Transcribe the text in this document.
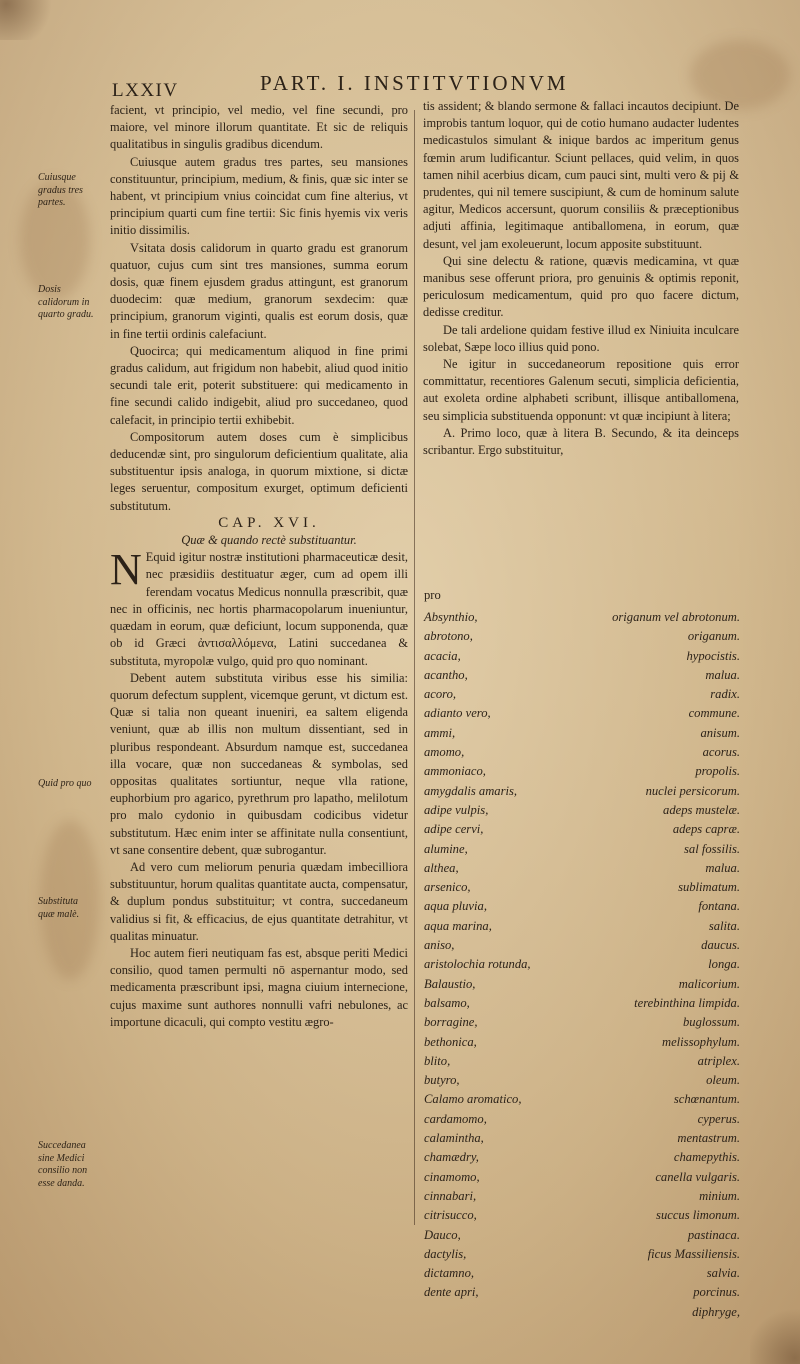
LXXIV	PART. I. INSTITVTIONVM
Cuiusque gradus tres partes.
Dosis calidorum in quarto gradu.
Quid pro quo
Substituta quæ malè.
Succedanea sine Medici consilio non esse danda.

facient, vt principio, vel medio, vel fine secundi, pro maiore, vel minore illorum quantitate. Et sic de reliquis qualitatibus in singulis gradibus dicendum.

Cuiusque autem gradus tres partes, seu mansiones constituuntur, principium, medium, & finis, quæ sic inter se habent, vt principium vnius coincidat cum fine alterius, vt principium quarti cum fine tertii: Sic finis hyemis vix veris initio dissimilis.

Vsitata dosis calidorum in quarto gradu est granorum quatuor, cujus cum sint tres mansiones, summa eorum dosis, quæ finem ejusdem gradus attingunt, est granorum duodecim: quæ medium, granorum sexdecim: quæ principium, granorum viginti, qualis est eorum dosis, quæ in fine tertii ordinis calefaciunt.

Quocirca; qui medicamentum aliquod in fine primi gradus calidum, aut frigidum non habebit, aliud quod initio secundi tale erit, poterit substituere: qui medicamento in fine secundi calido indigebit, aliud pro succedaneo, quod calefacit, in principio tertii exhibebit.

Compositorum autem doses cum è simplicibus deducendæ sint, pro singulorum deficientium qualitate, alia substituentur ipsis analoga, in quorum mixtione, si dictæ leges seruentur, compositum exurget, optimum deficienti substitutum.

CAP. XVI.

Quæ & quando rectè substituantur.

N Equid igitur nostræ institutioni pharmaceuticæ desit, nec præsidiis destituatur æger, cum ad opem illi ferendam vocatus Medicus nonnulla præscribit, quæ nec in officinis, nec hortis pharmacopolarum inueniuntur, quædam in eorum, quæ deficiunt, locum supponenda, quæ ob id Græci ἀντισαλλόμενα, Latini succedanea & substituta, myropolæ vulgo, quid pro quo nominant.

Debent autem substituta viribus esse his similia: quorum defectum supplent, vicemque gerunt, vt dictum est. Quæ si talia non queant inueniri, ea saltem eligenda veniunt, quæ ab illis non multum dissentiant, sed in pluribus respondeant. Absurdum namque est, succedanea illa vocare, quæ non succedaneas & symbolas, sed oppositas qualitates sortiuntur, neque vlla ratione, euphorbium pro agarico, pyrethrum pro lapatho, melilotum pro malo cydonio in quibusdam codicibus videtur substitutum. Hæc enim inter se affinitate nulla consentiunt, vt sane consentire debent, quæ subrogantur.

Ad vero cum meliorum penuria quædam imbecilliora substituuntur, horum qualitas quantitate aucta, compensatur, & duplum pondus substituitur; vt contra, succedaneum validius si fit, & efficacius, de ejus quantitate detrahitur, vt qualitas minuatur.

Hoc autem fieri neutiquam fas est, absque periti Medici consilio, quod tamen permulti nō aspernantur modo, sed medicamenta præscribunt ipsi, magna ciuium internecione, cujus maxime sunt authores nonnulli vafri nebulones, ac importune dicaculi, qui compto vestitu ægro-

tis assident; & blando sermone & fallaci incautos decipiunt. De improbis tantum loquor, qui de cotio humano audacter ludentes medicastulos simulant & inique bardos ac imperitum genus fœmin arum ludificantur. Sciunt pellaces, quid velim, in quos tamen nihil acerbius dicam, cum pauci sint, multi vero & pij & prudentes, qui nil temere suscipiunt, & cum de hominum salute agitur, Medicos accersunt, quorum consiliis & præceptionibus adjuti affinia, legitimaque antiballomena, in eorum, quæ desunt, vel jam exoleuerunt, locum apposite substituunt.

Qui sine delectu & ratione, quævis medicamina, vt quæ manibus sese offerunt priora, pro genuinis & optimis reponit, periculosum medicamentum, quid pro quo facere dictum, dedisse creditur.

De tali ardelione quidam festive illud ex Niniuita inculcare solebat, Sæpe loco illius quid pono.

Ne igitur in succedaneorum repositione quis error committatur, recentiores Galenum secuti, simplicia deficientia, aut exoleta ordine alphabeti scribunt, illisque antiballomena, seu simplicia substituenda opponunt: vt quæ incipiunt à litera;

A. Primo loco, quæ à litera B. Secundo, & ita deinceps scribantur. Ergo substituitur,

pro
Absynthio,	origanum vel abrotonum.
abrotono,	origanum.
acacia,	hypocistis.
acantho,	malua.
acoro,	radix.
adianto vero,	commune.
ammi,	anisum.
amomo,	acorus.
ammoniaco,	propolis.
amygdalis amaris,	nuclei persicorum.
adipe vulpis,	adeps mustelæ.
adipe cervi,	adeps capræ.
alumine,	sal fossilis.
althea,	malua.
arsenico,	sublimatum.
aqua pluvia,	fontana.
aqua marina,	salita.
aniso,	daucus.
aristolochia rotunda,	longa.
Balaustio,	malicorium.
balsamo,	terebinthina limpida.
borragine,	buglossum.
bethonica,	melissophylum.
blito,	atriplex.
butyro,	oleum.
Calamo aromatico,	schœnantum.
cardamomo,	cyperus.
calamintha,	mentastrum.
chamædry,	chamepythis.
cinamomo,	canella vulgaris.
cinnabari,	minium.
citrisucco,	succus limonum.
Dauco,	pastinaca.
dactylis,	ficus Massiliensis.
dictamno,	salvia.
dente apri,	porcinus.
diphryge,
